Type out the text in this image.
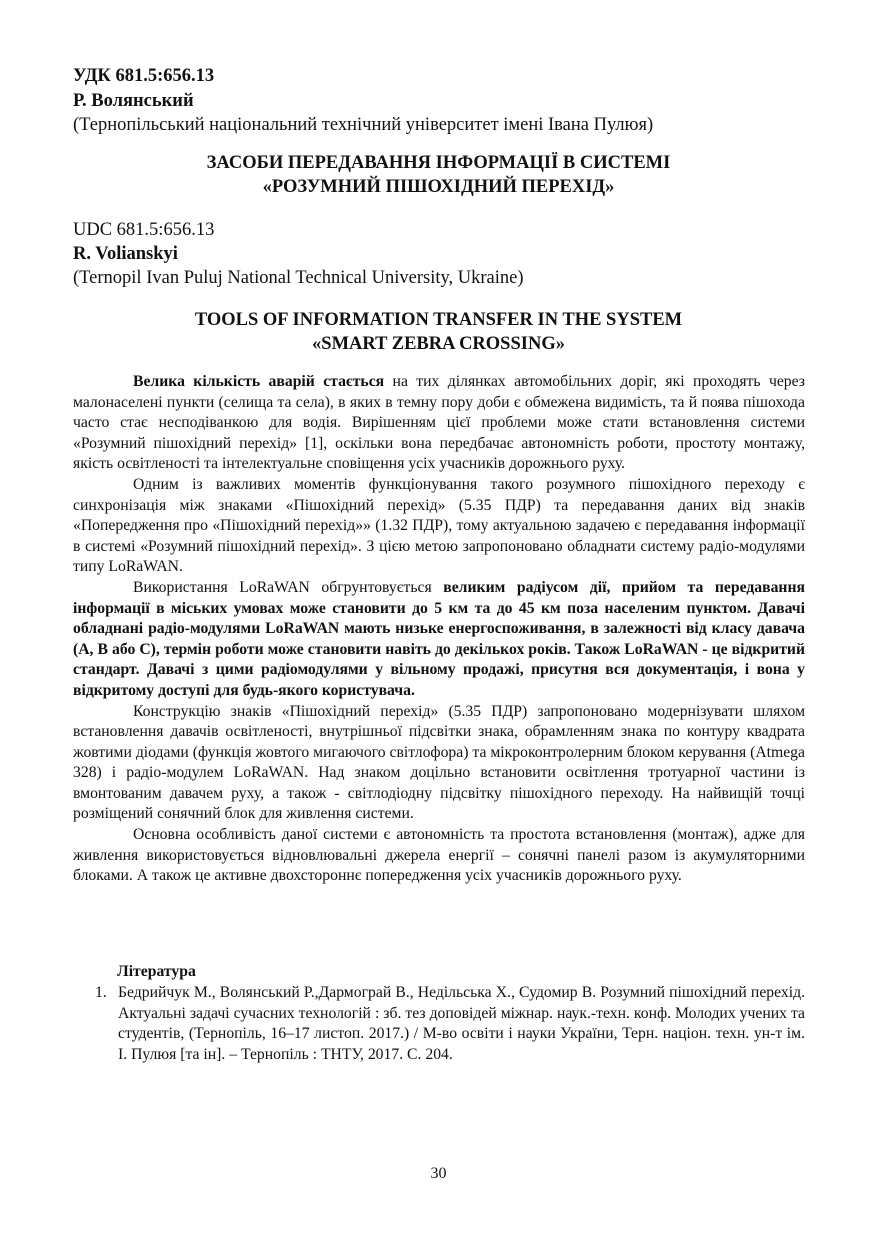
УДК 681.5:656.13
Р. Волянський
(Тернопільський національний технічний університет імені Івана Пулюя)
ЗАСОБИ ПЕРЕДАВАННЯ ІНФОРМАЦІЇ В СИСТЕМІ
«РОЗУМНИЙ ПІШОХІДНИЙ ПЕРЕХІД»
UDC 681.5:656.13
R. Volianskyi
(Ternopil Ivan Puluj National Technical University, Ukraine)
TOOLS OF INFORMATION TRANSFER IN THE SYSTEM
«SMART ZEBRA CROSSING»

Велика кількість аварій стається на тих ділянках автомобільних доріг, які проходять через малонаселені пункти (селища та села), в яких в темну пору доби є обмежена видимість, та й поява пішохода часто стає несподіванкою для водія. Вирішенням цієї проблеми може стати встановлення системи «Розумний пішохідний перехід» [1], оскільки вона передбачає автономність роботи, простоту монтажу, якість освітленості та інтелектуальне сповіщення усіх учасників дорожнього руху.

Одним із важливих моментів функціонування такого розумного пішохідного переходу є синхронізація між знаками «Пішохідний перехід» (5.35 ПДР) та передавання даних від знаків «Попередження про «Пішохідний перехід»» (1.32 ПДР), тому актуальною задачею є передавання інформації в системі «Розумний пішохідний перехід». З цією метою запропоновано обладнати систему радіо-модулями типу LoRaWAN.

Використання LoRaWAN обгрунтовується великим радіусом дії, прийом та передавання інформації в міських умовах може становити до 5 км та до 45 км поза населеним пунктом. Давачі обладнані радіо-модулями LoRaWAN мають низьке енергоспоживання, в залежності від класу давача (А, В або С), термін роботи може становити навіть до декількох років. Також LoRaWAN - це відкритий стандарт. Давачі з цими радіомодулями у вільному продажі, присутня вся документація, і вона у відкритому доступі для будь-якого користувача.

Конструкцію знаків «Пішохідний перехід» (5.35 ПДР) запропоновано модернізувати шляхом встановлення давачів освітленості, внутрішньої підсвітки знака, обрамленням знака по контуру квадрата жовтими діодами (функція жовтого мигаючого світлофора) та мікроконтролерним блоком керування (Atmega 328) і радіо-модулем LoRaWAN. Над знаком доцільно встановити освітлення тротуарної частини із вмонтованим давачем руху, а також - світлодіодну підсвітку пішохідного переходу. На найвищій точці розміщений сонячний блок для живлення системи.

Основна особливість даної системи є автономність та простота встановлення (монтаж), адже для живлення використовується відновлювальні джерела енергії – сонячні панелі разом із акумуляторними блоками. А також це активне двохстороннє попередження усіх учасників дорожнього руху.

Література
1. Бедрийчук М., Волянський Р.,Дармограй В., Недільська Х., Судомир В. Розумний пішохідний перехід. Актуальні задачі сучасних технологій : зб. тез доповідей міжнар. наук.-техн. конф. Молодих учених та студентів, (Тернопіль, 16–17 листоп. 2017.) / М-во освіти і науки України, Терн. націон. техн. ун-т ім. І. Пулюя [та ін]. – Тернопіль : ТНТУ, 2017. С. 204.
30
